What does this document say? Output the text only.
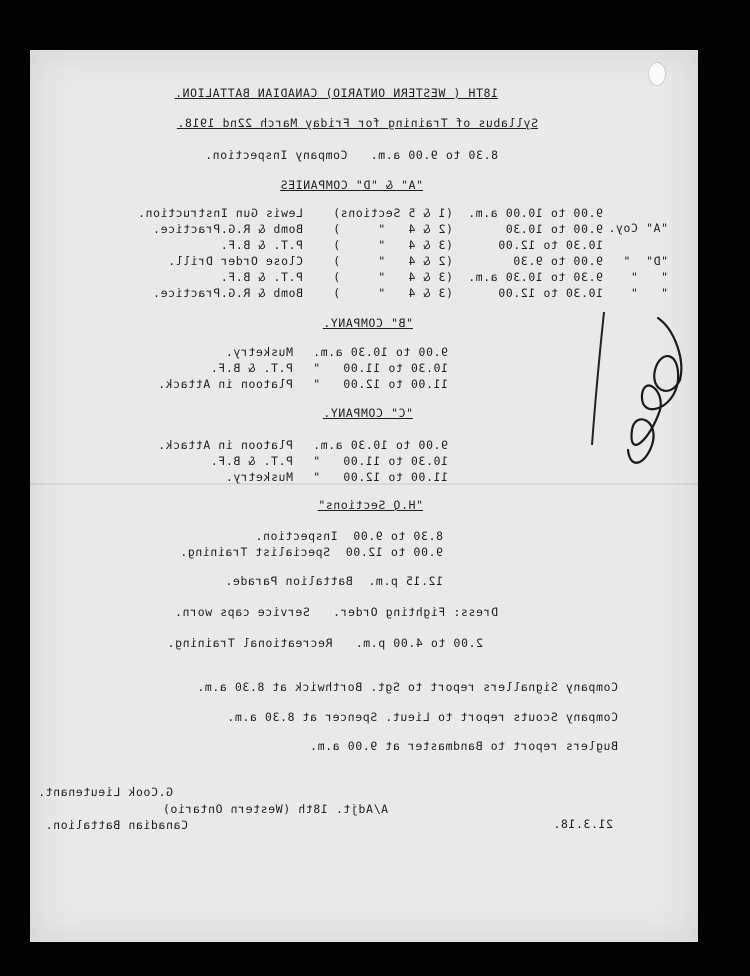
18TH ( WESTERN ONTARIO) CANADIAN BATTALION.
Syllabus of Training for Friday March 22nd 1918.
8.30 to 9.00 a.m.   Company Inspection.
"A" & "D" COMPANIES
"A" Coy.
9.00 to 10.00 a.m.
(1 & 5 Sections)
Lewis Gun Instruction.
9.00 to 10.30
(2 & 4   "     )
Bomb & R.G.Practice.
10.30 to 12.00
(3 & 4   "     )
P.T. & B.F.
"D"  "
9.00 to 9.30
(2 & 4   "     )
Close Order Drill.
"   "
9.30 to 10.30 a.m.
(3 & 4   "     )
P.T. & B.F.
"   "
10.30 to 12.00
(3 & 4   "     )
Bomb & R.G.Practice.
"B" COMPANY.
9.00 to 10.30 a.m.
Musketry.
10.30 to 11.00   "
P.T. & B.F.
11.00 to 12.00   "
Platoon in Attack.
"C" COMPANY.
9.00 to 10.30 a.m.
Platoon in Attack.
10.30 to 11.00   "
P.T. & B.F.
11.00 to 12.00   "
Musketry.
"H.Q Sections"
8.30 to 9.00  Inspection.
9.00 to 12.00  Specialist Training.
12.15 p.m.  Battalion Parade.
Dress: Fighting Order.   Service caps worn.
2.00 to 4.00 p.m.   Recreational Training.
Company Signallers report to Sgt. Borthwick at 8.30 a.m.
Company Scouts report to Lieut. Spencer at 8.30 a.m.
Buglers report to Bandmaster at 9.00 a.m.
21.3.18.
G.Cook Lieutenant.
A/Adjt. 18th (Western Ontario)
Canadian Battalion.
